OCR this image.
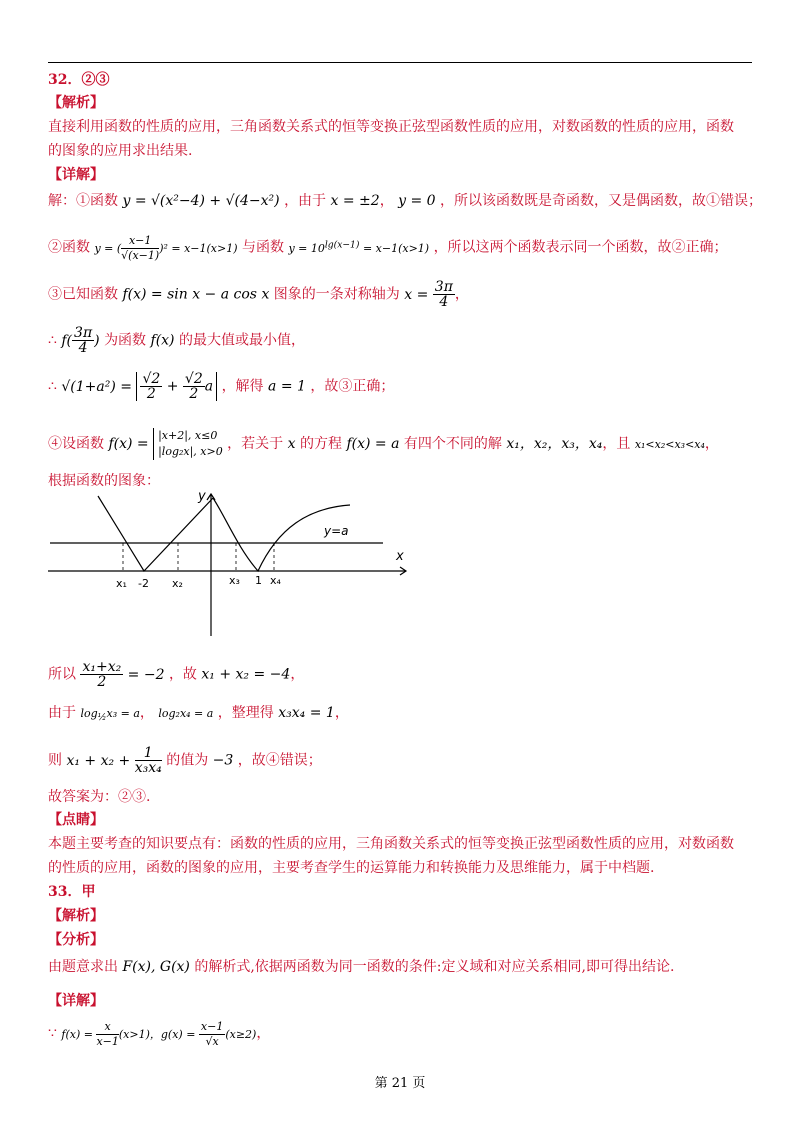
32．②③
【解析】
直接利用函数的性质的应用，三角函数关系式的恒等变换正弦型函数性质的应用，对数函数的性质的应用，函数
的图象的应用求出结果.
【详解】
解：①函数 y = √(x²−4) + √(4−x²) ，由于 x = ±2， y = 0 ，所以该函数既是奇函数，又是偶函数，故①错误；
②函数 y = ( $\frac{x-1}{√(x-1)} )^2 = x-1(x>1)$ 与函数 $y = 10^{lg(x-1)} = x-1(x>1)$ ，所以这两个函数表示同一个函数，故②正确；
③已知函数 f(x) = sin x − a cos x 图象的一条对称轴为 $x = \frac{3\pi}{4}$ ，
∴ $f( \frac{3\pi}{4}$ ) 为函数 f(x) 的最大值或最小值，
∴ $√(1+a^2) = \frac{√2}{2} + \frac{√2}{2}$ a ，解得 a = 1 ，故③正确；
④设函数 f(x) = |x+2|, x≤0
|log₂x|, x>0 ，若关于 x 的方程 f(x) = a 有四个不同的解 x₁，x₂，x₃，x₄，且 x₁<x₂<x₃<x₄，
根据函数的图象：
y
x
y=a
x₁ -2 x₂	x₃ 1 x₄
所以 $\frac{\text{x₁+x₂}}{2} = -2$ ，故 x₁ + x₂ = −4，
由于 $\log_{\frac{1}{2}}x_3 = a$， log₂x₄ = a ，整理得 x₃x₄ = 1，
则 $x_1 + x_2 + \frac{1}{\text{x₃x₄}}$ 的值为 −3 ，故④错误；
故答案为：②③.
【点睛】
本题主要考查的知识要点有：函数的性质的应用，三角函数关系式的恒等变换正弦型函数性质的应用，对数函数
的性质的应用，函数的图象的应用，主要考查学生的运算能力和转换能力及思维能力，属于中档题.
33．甲
【解析】
【分析】
由题意求出 F(x), G(x) 的解析式,依据两函数为同一函数的条件:定义域和对应关系相同,即可得出结论.
【详解】
∵ $f(x) = \frac{x}{x-1} (x>1)$，$g(x) = \frac{x-1}{√x} (x\ge 2)$，
第 21 页
